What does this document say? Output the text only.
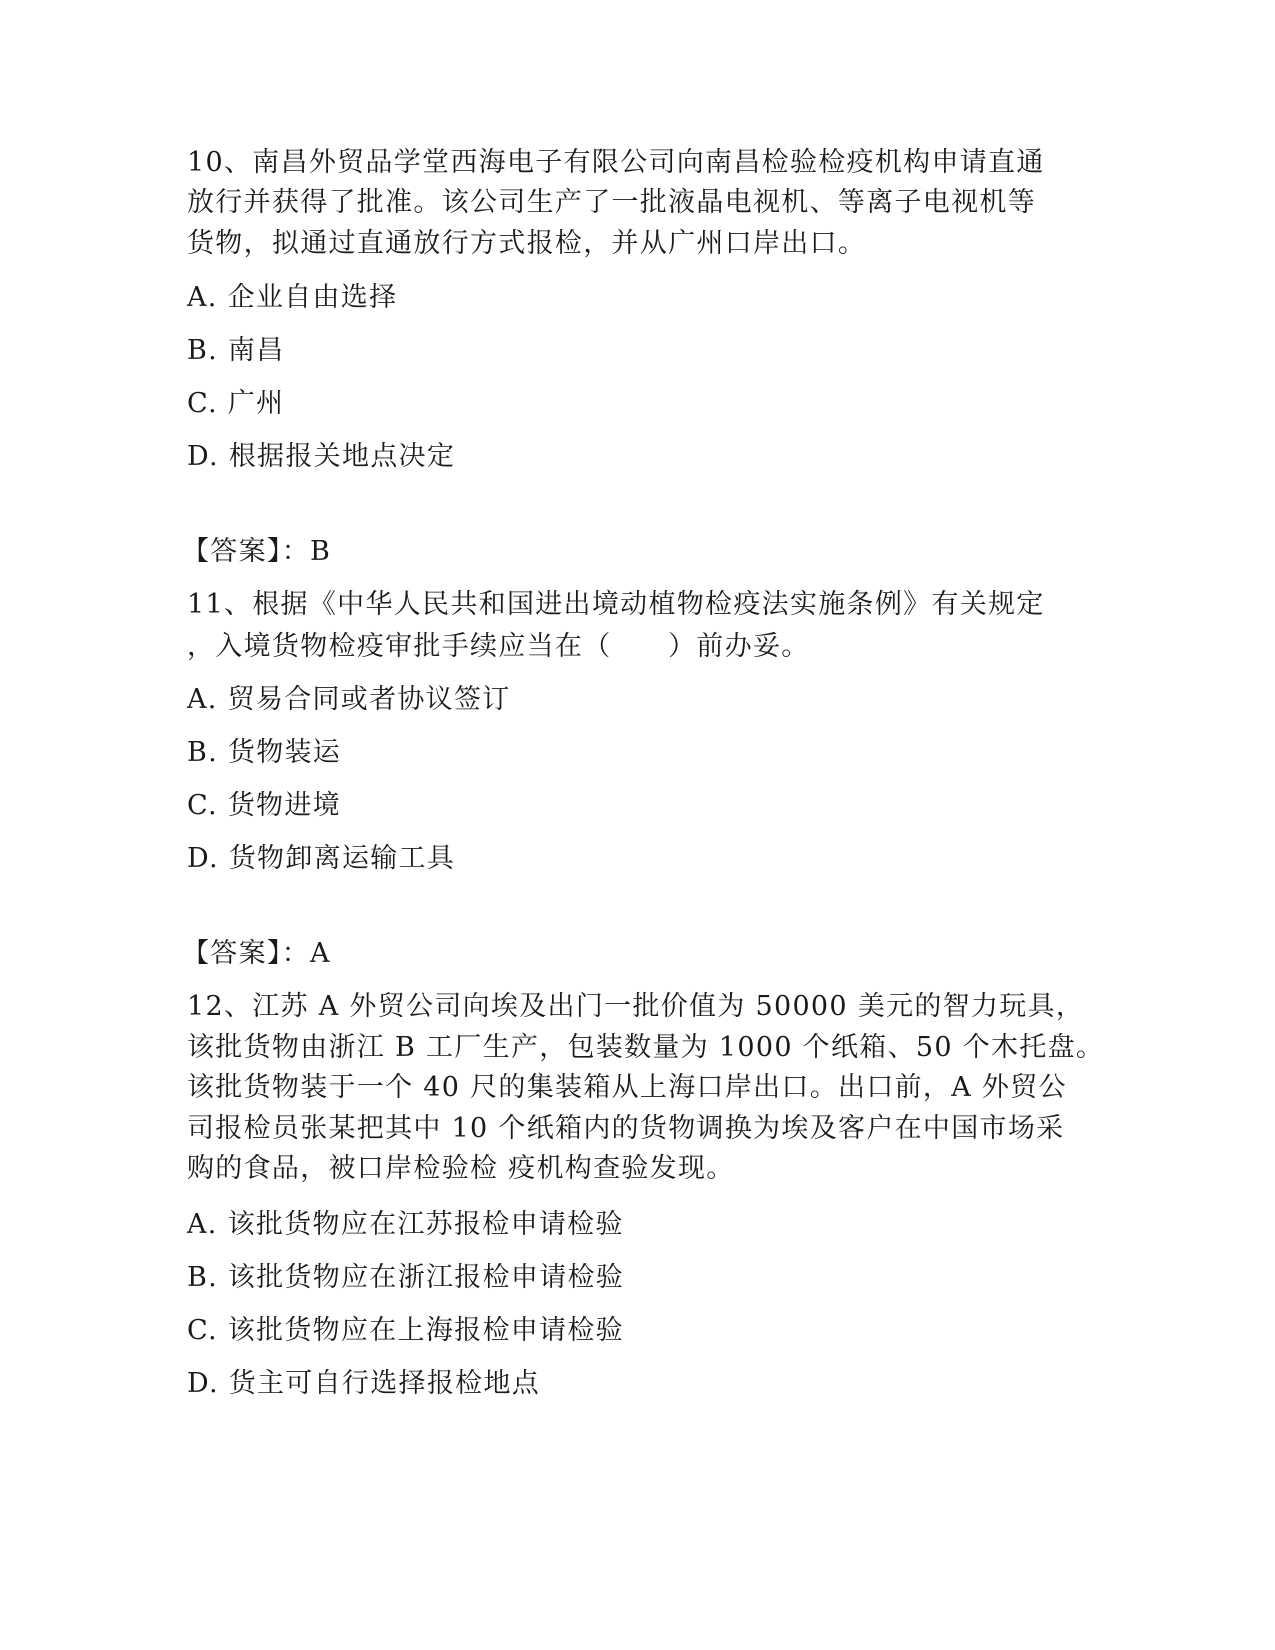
10、南昌外贸品学堂西海电子有限公司向南昌检验检疫机构申请直通
放行并获得了批准。该公司生产了一批液晶电视机、等离子电视机等
货物，拟通过直通放行方式报检，并从广州口岸出口。
A. 企业自由选择
B. 南昌
C. 广州
D. 根据报关地点决定
【答案】：B
11、根据《中华人民共和国进出境动植物检疫法实施条例》有关规定
，入境货物检疫审批手续应当在（　　）前办妥。
A. 贸易合同或者协议签订
B. 货物装运
C. 货物进境
D. 货物卸离运输工具
【答案】：A
12、江苏 A 外贸公司向埃及出门一批价值为 50000 美元的智力玩具，
该批货物由浙江 B 工厂生产，包装数量为 1000 个纸箱、50 个木托盘。
该批货物装于一个 40 尺的集装箱从上海口岸出口。出口前，A 外贸公
司报检员张某把其中 10 个纸箱内的货物调换为埃及客户在中国市场采
购的食品，被口岸检验检 疫机构查验发现。
A. 该批货物应在江苏报检申请检验
B. 该批货物应在浙江报检申请检验
C. 该批货物应在上海报检申请检验
D. 货主可自行选择报检地点
